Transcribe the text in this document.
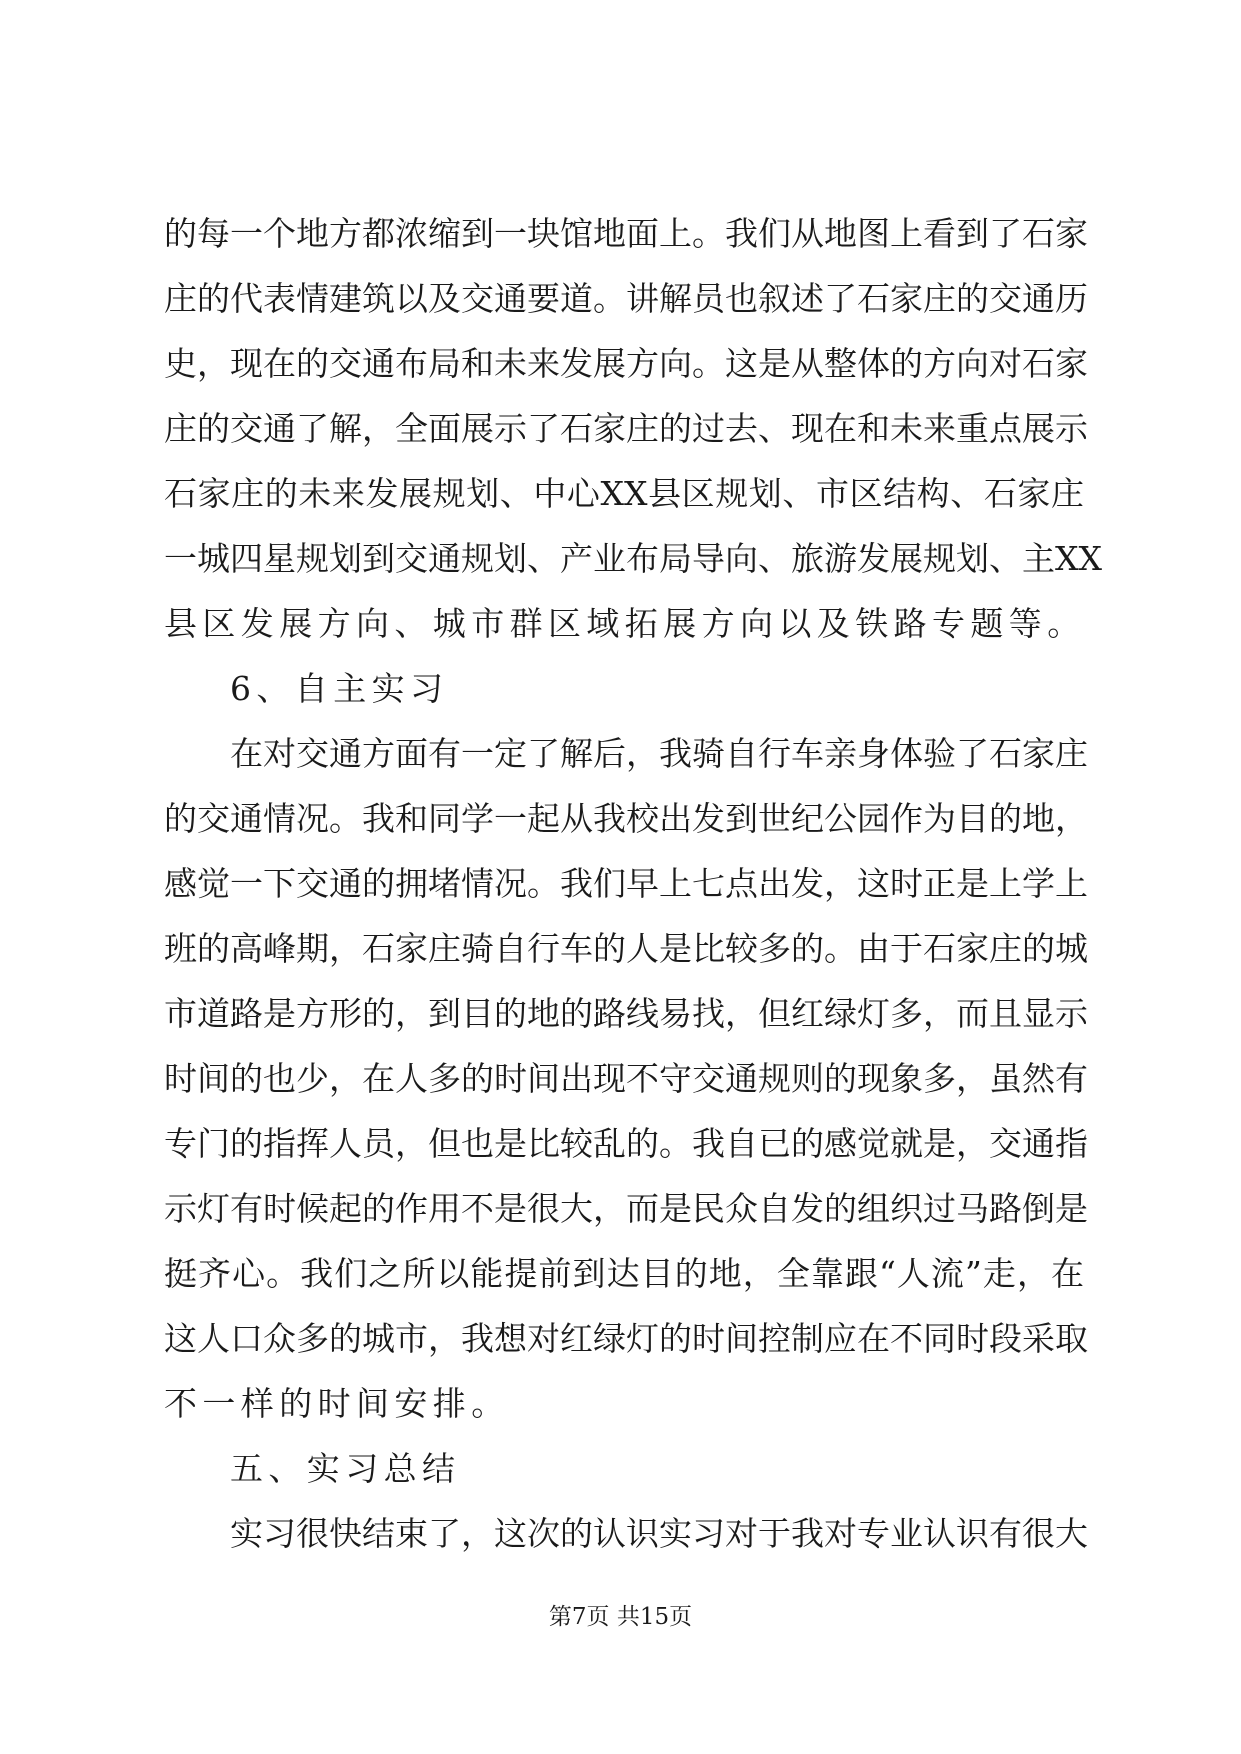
的每一个地方都浓缩到一块馆地面上。我们从地图上看到了石家
庄的代表情建筑以及交通要道。讲解员也叙述了石家庄的交通历
史，现在的交通布局和未来发展方向。这是从整体的方向对石家
庄的交通了解，全面展示了石家庄的过去、现在和未来重点展示
石家庄的未来发展规划、中心XX县区规划、市区结构、石家庄
一城四星规划到交通规划、产业布局导向、旅游发展规划、主XX
县区发展方向、城市群区域拓展方向以及铁路专题等。
6、自主实习
在对交通方面有一定了解后，我骑自行车亲身体验了石家庄
的交通情况。我和同学一起从我校出发到世纪公园作为目的地，
感觉一下交通的拥堵情况。我们早上七点出发，这时正是上学上
班的高峰期，石家庄骑自行车的人是比较多的。由于石家庄的城
市道路是方形的，到目的地的路线易找，但红绿灯多，而且显示
时间的也少，在人多的时间出现不守交通规则的现象多，虽然有
专门的指挥人员，但也是比较乱的。我自已的感觉就是，交通指
示灯有时候起的作用不是很大，而是民众自发的组织过马路倒是
挺齐心。我们之所以能提前到达目的地，全靠跟“人流”走，在
这人口众多的城市，我想对红绿灯的时间控制应在不同时段采取
不一样的时间安排。
五、实习总结
实习很快结束了，这次的认识实习对于我对专业认识有很大
第7页 共15页
